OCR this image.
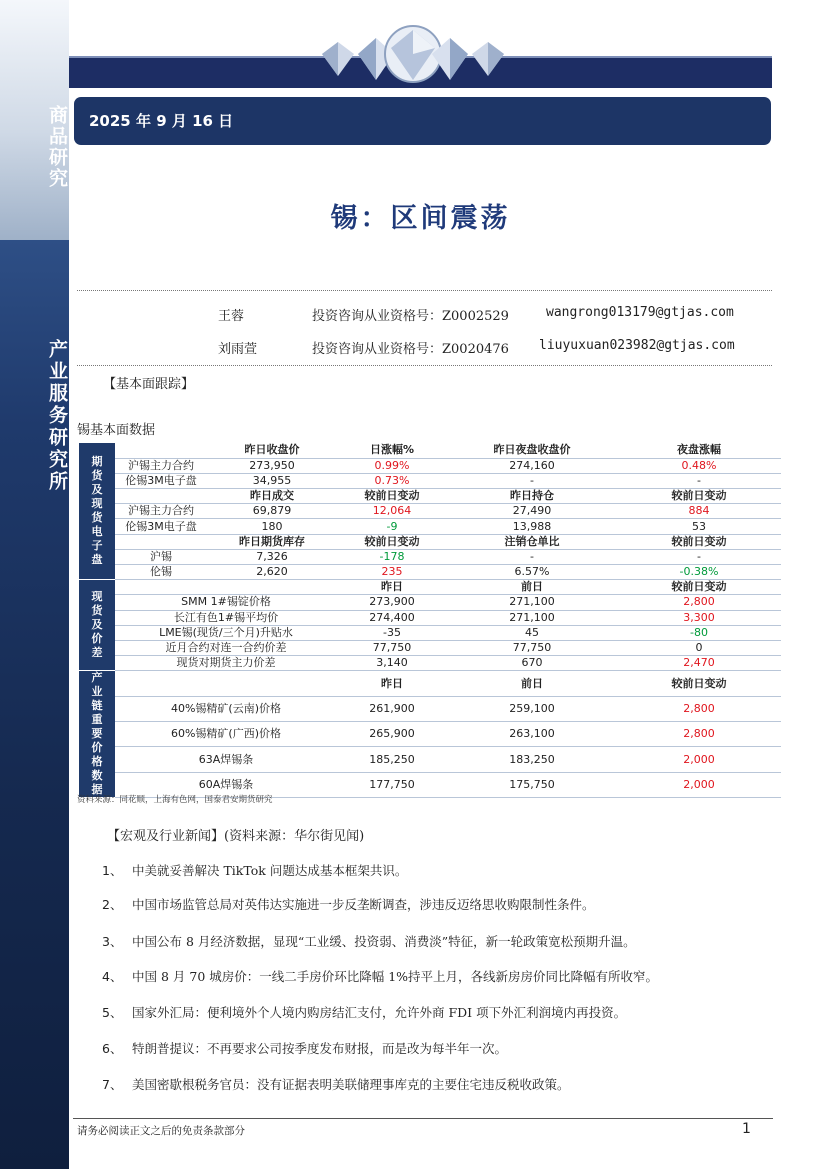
商品研究
产业服务研究所
2025 年 9 月 16 日
锡：区间震荡
王蓉	投资咨询从业资格号：Z0002529	wangrong013179@gtjas.com
刘雨萱	投资咨询从业资格号：Z0020476 liuyuxuan023982@gtjas.com
【基本面跟踪】
锡基本面数据
期货及现货电子盘		昨日收盘价	日涨幅%	昨日夜盘收盘价	夜盘涨幅
	沪锡主力合约	273,950	0.99%	274,160	0.48%
	伦锡3M电子盘	34,955	0.73%	-	-
		昨日成交	较前日变动	昨日持仓	较前日变动
	沪锡主力合约	69,879	12,064	27,490	884
	伦锡3M电子盘	180	-9	13,988	53
		昨日期货库存	较前日变动	注销仓单比	较前日变动
	沪锡	7,326	-178	-	-
	伦锡	2,620	235	6.57%	-0.38%
现货及价差			昨日	前日	较前日变动
	SMM 1#锡锭价格		273,900	271,100	2,800
	长江有色1#锡平均价		274,400	271,100	3,300
	LME锡(现货/三个月)升贴水		-35	45	-80
	近月合约对连一合约价差		77,750	77,750	0
	现货对期货主力价差		3,140	670	2,470
产业链重要价格数据			昨日	前日	较前日变动
	40%锡精矿(云南)价格		261,900	259,100	2,800
	60%锡精矿(广西)价格		265,900	263,100	2,800
	63A焊锡条		185,250	183,250	2,000
	60A焊锡条		177,750	175,750	2,000
资料来源：同花顺，上海有色网，国泰君安期货研究
【宏观及行业新闻】(资料来源：华尔街见闻)
1、 中美就妥善解决 TikTok 问题达成基本框架共识。
2、 中国市场监管总局对英伟达实施进一步反垄断调查，涉违反迈络思收购限制性条件。
3、 中国公布 8 月经济数据，显现“工业缓、投资弱、消费淡”特征，新一轮政策宽松预期升温。
4、 中国 8 月 70 城房价：一线二手房价环比降幅 1%持平上月，各线新房房价同比降幅有所收窄。
5、 国家外汇局：便利境外个人境内购房结汇支付，允许外商 FDI 项下外汇利润境内再投资。
6、 特朗普提议：不再要求公司按季度发布财报，而是改为每半年一次。
7、 美国密歇根税务官员：没有证据表明美联储理事库克的主要住宅违反税收政策。
请务必阅读正文之后的免责条款部分	1
